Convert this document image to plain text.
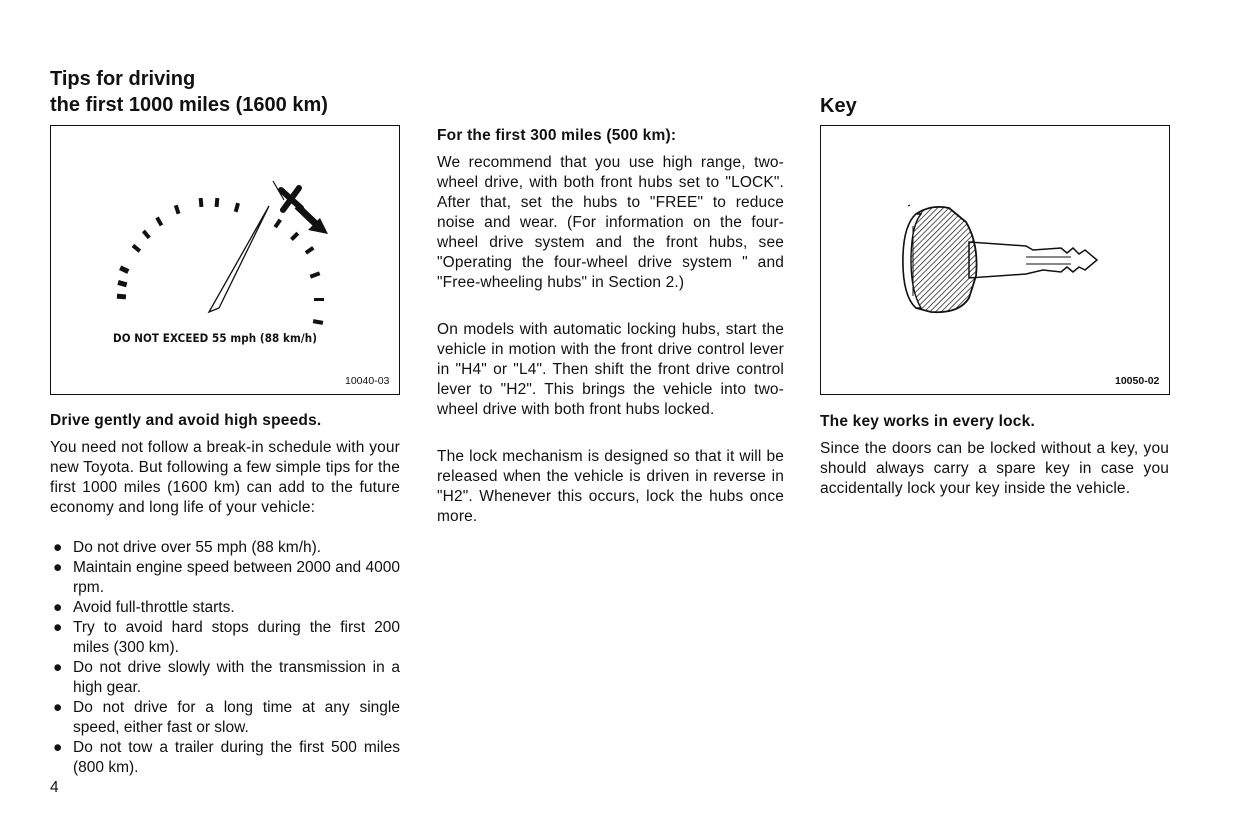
Tips for driving
the first 1000 miles (1600 km)
DO NOT EXCEED 55 mph (88 km/h)
10040-03
Drive gently and avoid high speeds.

You need not follow a break-in schedule with your new Toyota. But following a few simple tips for the first 1000 miles (1600 km) can add to the future economy and long life of your vehicle:

● Do not drive over 55 mph (88 km/h).
● Maintain engine speed between 2000 and 4000 rpm.
● Avoid full-throttle starts.
● Try to avoid hard stops during the first 200 miles (300 km).
● Do not drive slowly with the transmission in a high gear.
● Do not drive for a long time at any single speed, either fast or slow.
● Do not tow a trailer during the first 500 miles (800 km).
4
For the first 300 miles (500 km):

We recommend that you use high range, two-wheel drive, with both front hubs set to "LOCK". After that, set the hubs to "FREE" to reduce noise and wear. (For information on the four-wheel drive system and the front hubs, see "Operating the four-wheel drive system " and "Free-wheeling hubs" in Section 2.)

On models with automatic locking hubs, start the vehicle in motion with the front drive control lever in "H4" or "L4". Then shift the front drive control lever to "H2". This brings the vehicle into two-wheel drive with both front hubs locked.

The lock mechanism is designed so that it will be released when the vehicle is driven in reverse in "H2". Whenever this occurs, lock the hubs once more.

Key
10050-02
The key works in every lock.

Since the doors can be locked without a key, you should always carry a spare key in case you accidentally lock your key inside the vehicle.
